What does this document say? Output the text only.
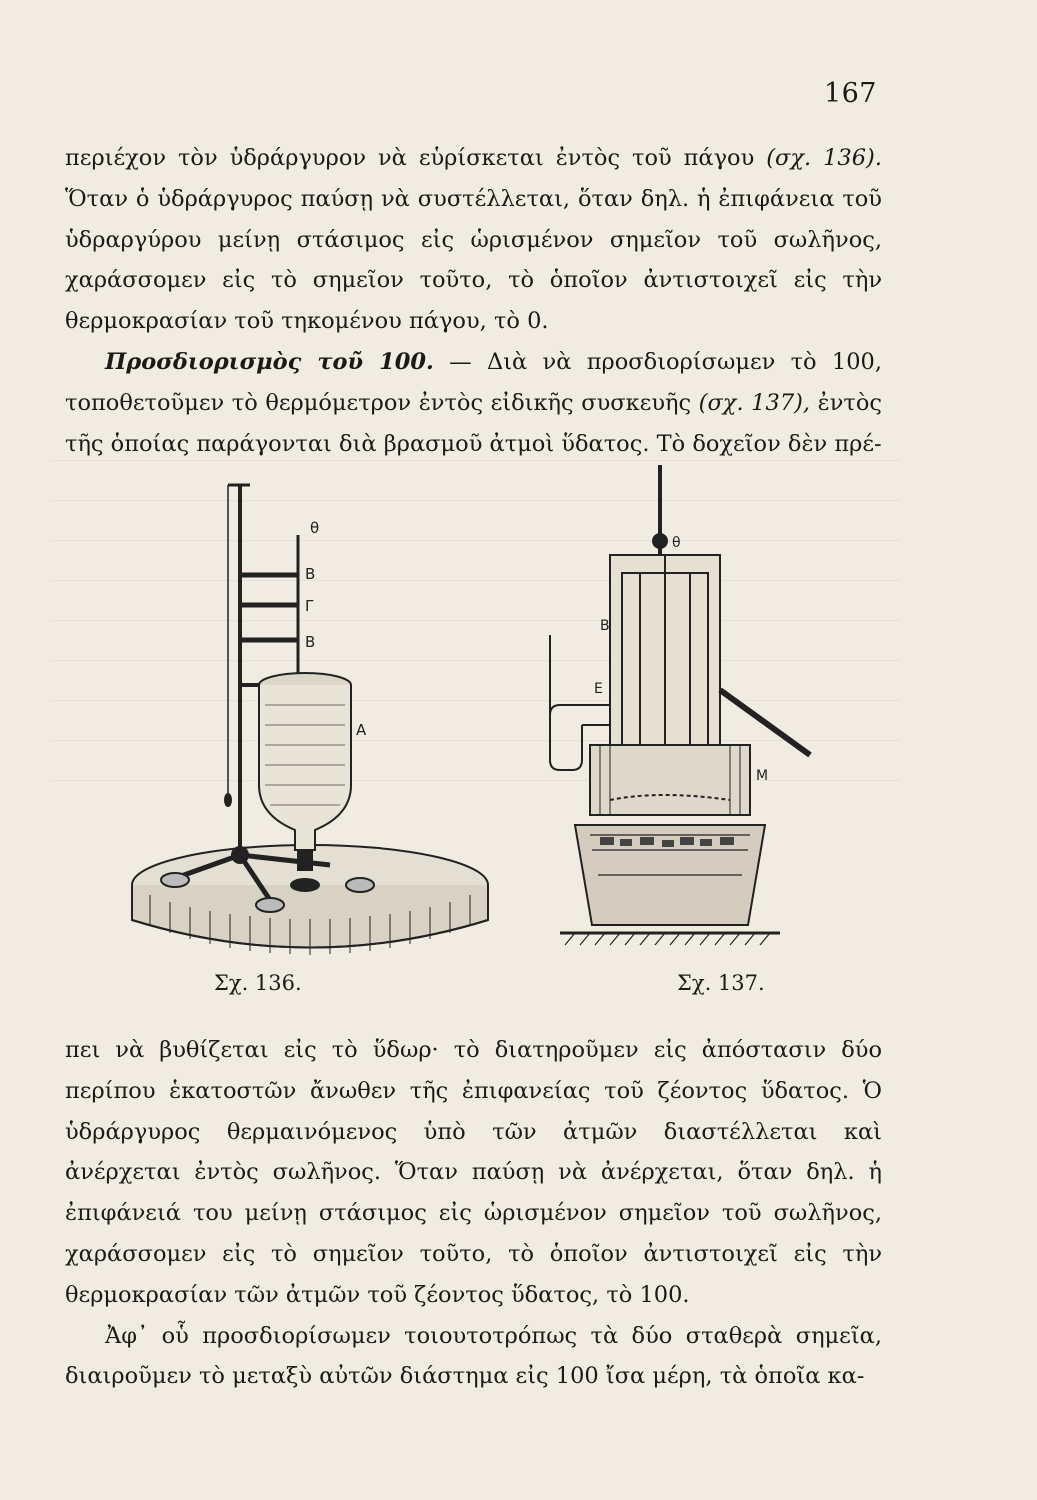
167

περιέχον τὸν ὑδράργυρον νὰ εὑρίσκεται ἐντὸς τοῦ πάγου (σχ. 136). Ὅταν ὁ ὑδράργυρος παύσῃ νὰ συστέλλεται, ὅταν δηλ. ἡ ἐπιφάνεια τοῦ ὑδραργύρου μείνῃ στάσιμος εἰς ὡρισμένον σημεῖον τοῦ σωλῆνος, χαράσσομεν εἰς τὸ σημεῖον τοῦτο, τὸ ὁποῖον ἀντιστοιχεῖ εἰς τὴν θερμοκρασίαν τοῦ τηκομένου πάγου, τὸ 0.

Προσδιορισμὸς τοῦ 100. — Διὰ νὰ προσδιορίσωμεν τὸ 100, τοποθετοῦμεν τὸ θερμόμετρον ἐντὸς εἰδικῆς συσκευῆς (σχ. 137), ἐντὸς τῆς ὁποίας παράγονται διὰ βρασμοῦ ἀτμοὶ ὕδατος. Τὸ δοχεῖον δὲν πρέ-

θ
Β
Γ
Β
Α
Σχ. 136.
θ
Β
Ε
Μ
Σχ. 137.

πει νὰ βυθίζεται εἰς τὸ ὕδωρ· τὸ διατηροῦμεν εἰς ἀπόστασιν δύο περίπου ἑκατοστῶν ἄνωθεν τῆς ἐπιφανείας τοῦ ζέοντος ὕδατος. Ὁ ὑδράργυρος θερμαινόμενος ὑπὸ τῶν ἀτμῶν διαστέλλεται καὶ ἀνέρχεται ἐντὸς σωλῆνος. Ὅταν παύσῃ νὰ ἀνέρχεται, ὅταν δηλ. ἡ ἐπιφάνειά του μείνῃ στάσιμος εἰς ὡρισμένον σημεῖον τοῦ σωλῆνος, χαράσσομεν εἰς τὸ σημεῖον τοῦτο, τὸ ὁποῖον ἀντιστοιχεῖ εἰς τὴν θερμοκρασίαν τῶν ἀτμῶν τοῦ ζέοντος ὕδατος, τὸ 100.

Ἀφ᾽ οὗ προσδιορίσωμεν τοιουτοτρόπως τὰ δύο σταθερὰ σημεῖα, διαιροῦμεν τὸ μεταξὺ αὐτῶν διάστημα εἰς 100 ἴσα μέρη, τὰ ὁποῖα κα-
